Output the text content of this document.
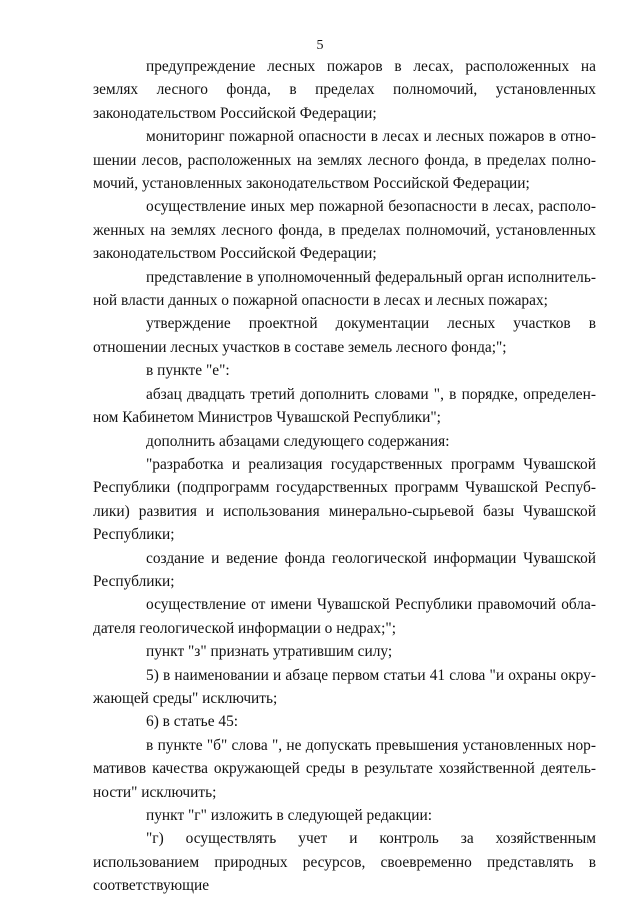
5

предупреждение лесных пожаров в лесах, расположенных на землях лесного фонда, в пределах полномочий, установленных законодательством Российской Федерации;

мониторинг пожарной опасности в лесах и лесных пожаров в отношении лесов, расположенных на землях лесного фонда, в пределах полномочий, установленных законодательством Российской Федерации;

осуществление иных мер пожарной безопасности в лесах, расположенных на землях лесного фонда, в пределах полномочий, установленных законодательством Российской Федерации;

представление в уполномоченный федеральный орган исполнительной власти данных о пожарной опасности в лесах и лесных пожарах;

утверждение проектной документации лесных участков в отношении лесных участков в составе земель лесного фонда;";

в пункте "е":

абзац двадцать третий дополнить словами ", в порядке, определенном Кабинетом Министров Чувашской Республики";

дополнить абзацами следующего содержания:

"разработка и реализация государственных программ Чувашской Республики (подпрограмм государственных программ Чувашской Республики) развития и использования минерально-сырьевой базы Чувашской Республики;

создание и ведение фонда геологической информации Чувашской Республики;

осуществление от имени Чувашской Республики правомочий обладателя геологической информации о недрах;";

пункт "з" признать утратившим силу;

5) в наименовании и абзаце первом статьи 41 слова "и охраны окружающей среды" исключить;

6) в статье 45:

в пункте "б" слова ", не допускать превышения установленных нормативов качества окружающей среды в результате хозяйственной деятельности" исключить;

пункт "г" изложить в следующей редакции:

"г) осуществлять учет и контроль за хозяйственным использованием природных ресурсов, своевременно представлять в соответствующие
